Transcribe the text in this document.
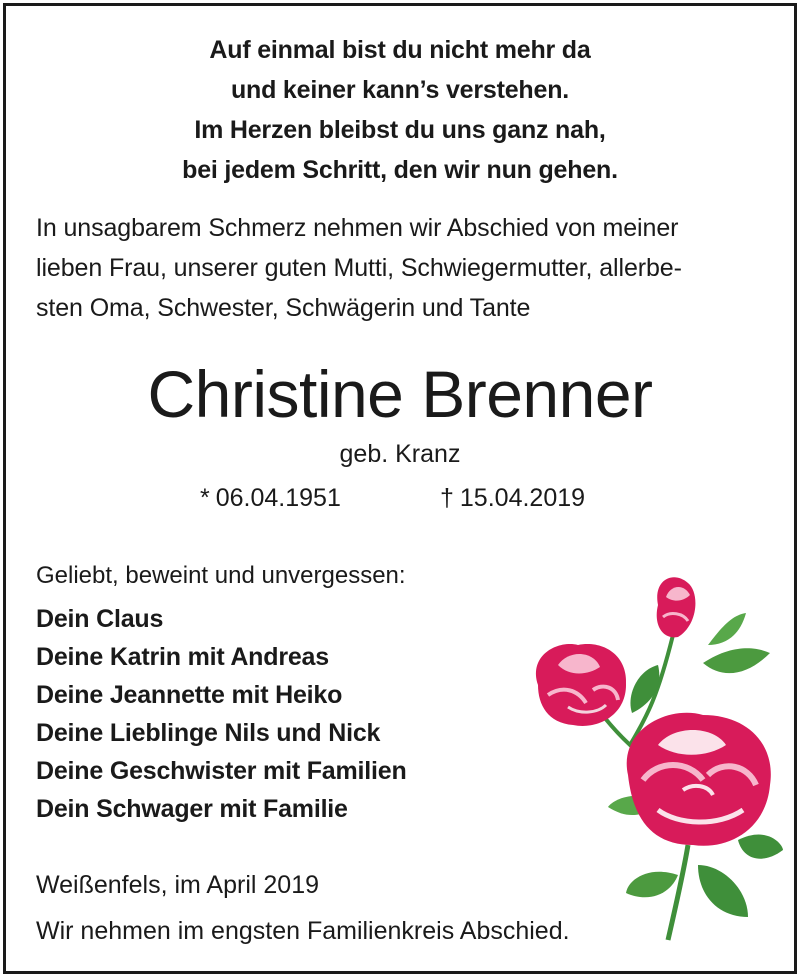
Auf einmal bist du nicht mehr da
und keiner kann’s verstehen.
Im Herzen bleibst du uns ganz nah,
bei jedem Schritt, den wir nun gehen.
In unsagbarem Schmerz nehmen wir Abschied von meiner
lieben Frau, unserer guten Mutti, Schwiegermutter, allerbe-
sten Oma, Schwester, Schwägerin und Tante
Christine Brenner
geb. Kranz
* 06.04.1951	† 15.04.2019
Geliebt, beweint und unvergessen:
Dein Claus
Deine Katrin mit Andreas
Deine Jeannette mit Heiko
Deine Lieblinge Nils und Nick
Deine Geschwister mit Familien
Dein Schwager mit Familie
Weißenfels, im April 2019
Wir nehmen im engsten Familienkreis Abschied.
